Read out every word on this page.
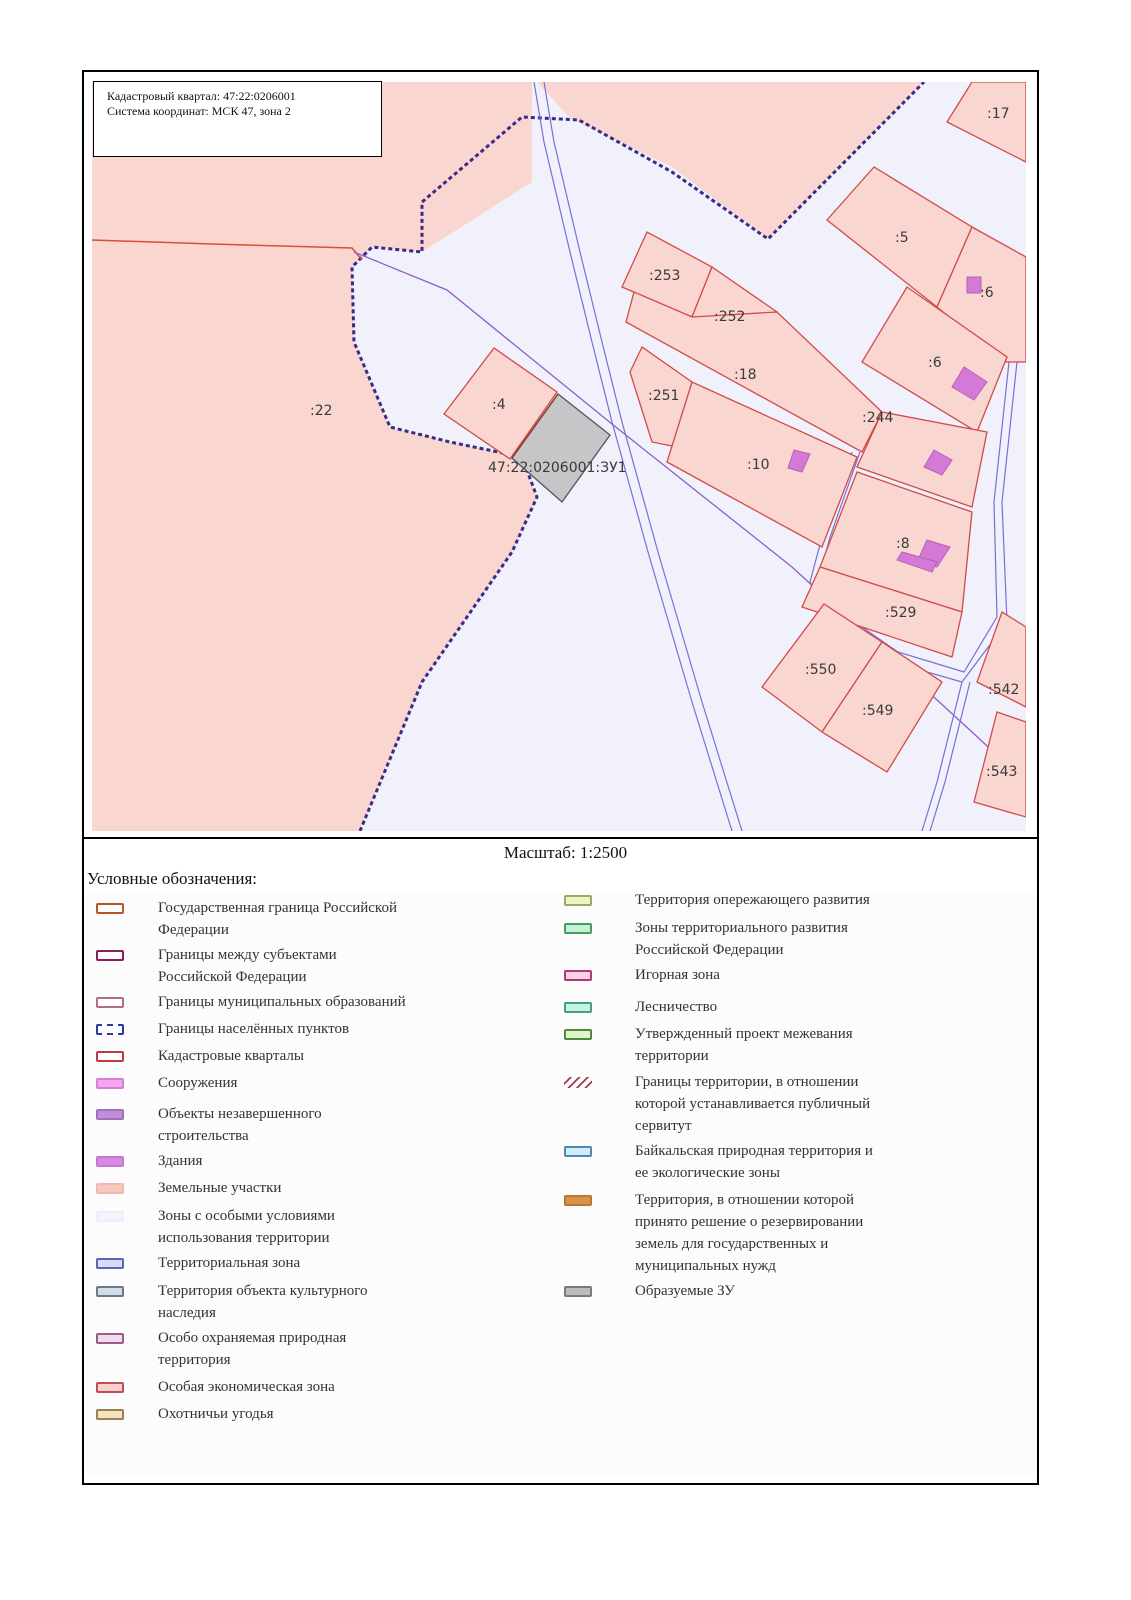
:17
:5
:6
:6
:253
:252
:18
:251
:244
:22	:4
47:22:0206001:ЗУ1	:10
:8
:529
:550
:549
:542
:543
Кадастровый квартал: 47:22:0206001
Система координат: МСК 47, зона 2
Масштаб: 1:2500
Условные обозначения:
Государственная граница Российской
Федерации
Границы между субъектами
Российской Федерации
Границы муниципальных образований
Границы населённых пунктов
Кадастровые кварталы
Сооружения
Объекты незавершенного
строительства
Здания
Земельные участки
Зоны с особыми условиями
использования территории
Территориальная зона
Территория объекта культурного
наследия
Особо охраняемая природная
территория
Особая экономическая зона
Охотничьи угодья
Территория опережающего развития
Зоны территориального развития
Российской Федерации
Игорная зона
Лесничество
Утвержденный проект межевания
территории
Границы территории, в отношении
которой устанавливается публичный
сервитут
Байкальская природная территория и
ее экологические зоны
Территория, в отношении которой
принято решение о резервировании
земель для государственных и
муниципальных нужд
Образуемые ЗУ
